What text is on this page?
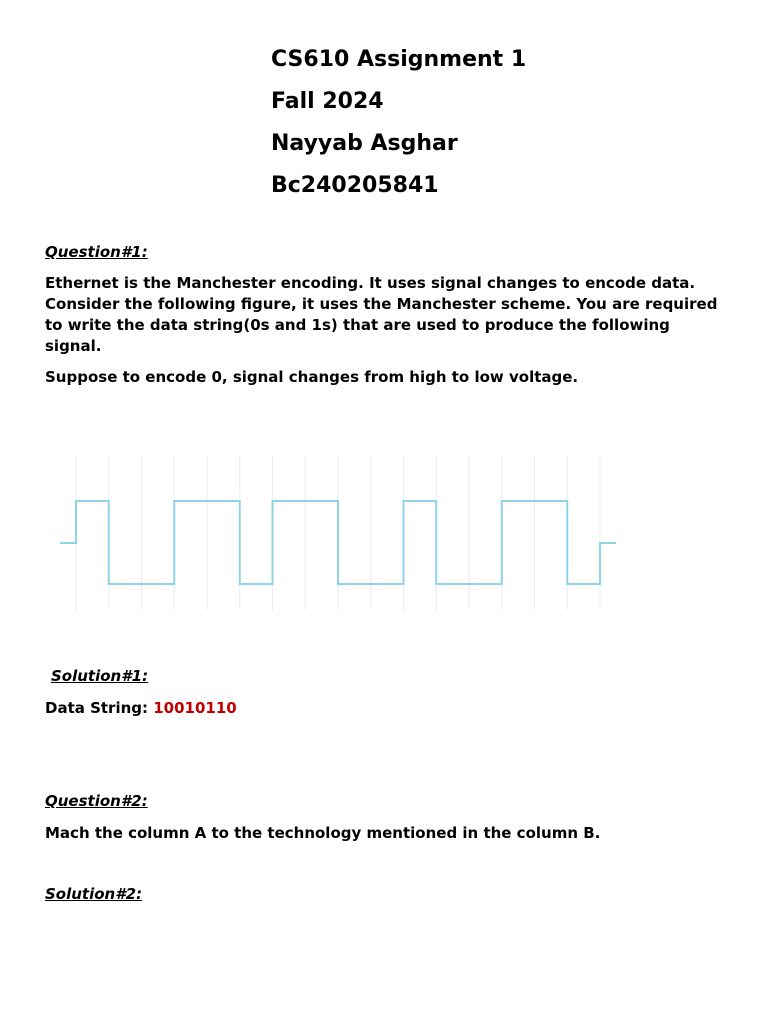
CS610 Assignment 1
Fall 2024
Nayyab Asghar
Bc240205841
Question#1:
Ethernet is the Manchester encoding. It uses signal changes to encode data.
Consider the following figure, it uses the Manchester scheme. You are required
to write the data string(0s and 1s) that are used to produce the following
signal.
Suppose to encode 0, signal changes from high to low voltage.
Solution#1:
Data String: 10010110
Question#2:
Mach the column A to the technology mentioned in the column B.
Solution#2:
